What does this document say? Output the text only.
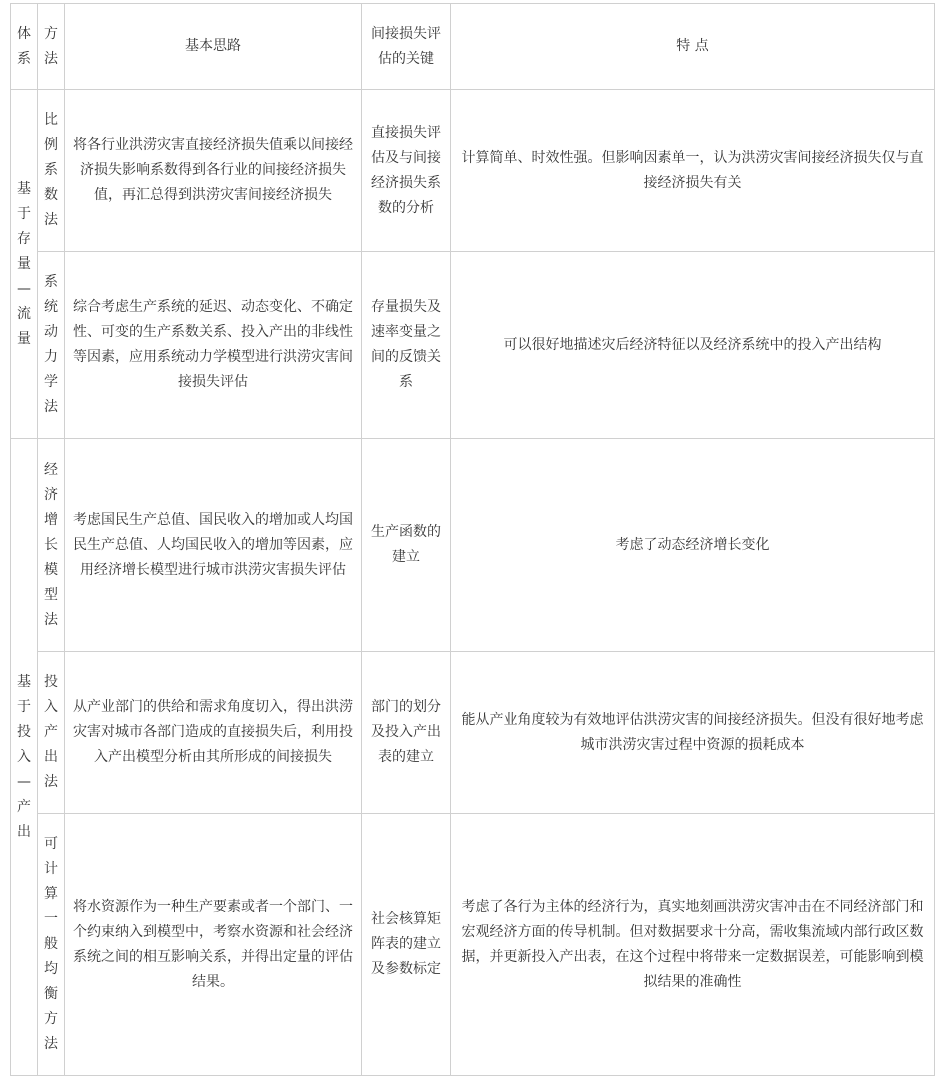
体系	方法	基本思路	间接损失评估的关键	特 点
基于存量—流量	比例系数法	将各行业洪涝灾害直接经济损失值乘以间接经济损失影响系数得到各行业的间接经济损失值，再汇总得到洪涝灾害间接经济损失	直接损失评估及与间接经济损失系数的分析	计算简单、时效性强。但影响因素单一，认为洪涝灾害间接经济损失仅与直接经济损失有关
	系统动力学法	综合考虑生产系统的延迟、动态变化、不确定性、可变的生产系数关系、投入产出的非线性等因素，应用系统动力学模型进行洪涝灾害间接损失评估	存量损失及速率变量之间的反馈关系	可以很好地描述灾后经济特征以及经济系统中的投入产出结构
基于投入—产出	经济增长模型法	考虑国民生产总值、国民收入的增加或人均国民生产总值、人均国民收入的增加等因素，应用经济增长模型进行城市洪涝灾害损失评估	生产函数的建立	考虑了动态经济增长变化
	投入产出法	从产业部门的供给和需求角度切入，得出洪涝灾害对城市各部门造成的直接损失后，利用投入产出模型分析由其所形成的间接损失	部门的划分及投入产出表的建立	能从产业角度较为有效地评估洪涝灾害的间接经济损失。但没有很好地考虑城市洪涝灾害过程中资源的损耗成本
	可计算一般均衡方法	将水资源作为一种生产要素或者一个部门、一个约束纳入到模型中，考察水资源和社会经济系统之间的相互影响关系，并得出定量的评估结果。	社会核算矩阵表的建立及参数标定	考虑了各行为主体的经济行为，真实地刻画洪涝灾害冲击在不同经济部门和宏观经济方面的传导机制。但对数据要求十分高，需收集流域内部行政区数据，并更新投入产出表，在这个过程中将带来一定数据误差，可能影响到模拟结果的准确性
